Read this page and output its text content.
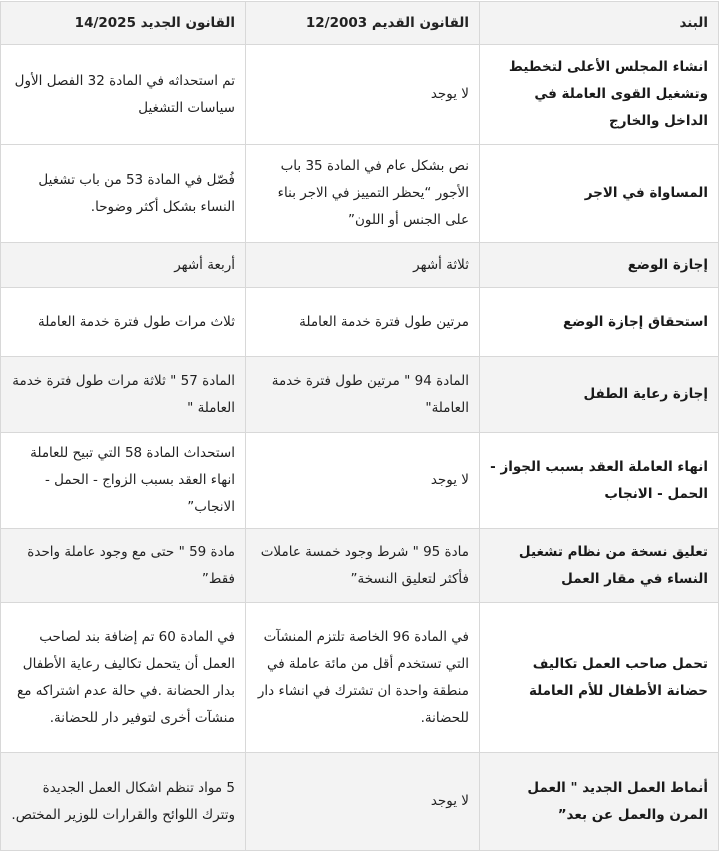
البند	القانون القديم 12/2003	القانون الجديد 14/2025
انشاء المجلس الأعلى لتخطيط وتشغيل القوى العاملة في الداخل والخارج	لا يوجد	تم استحداثه في المادة 32 الفصل الأول سياسات التشغيل
المساواة في الاجر	نص بشكل عام في المادة 35 باب الأجور “يحظر التمييز في الاجر بناء على الجنس أو اللون”	فُصّل في المادة 53 من باب تشغيل النساء بشكل أكثر وضوحا.
إجازة الوضع	ثلاثة أشهر	أربعة أشهر
استحقاق إجازة الوضع	مرتين طول فترة خدمة العاملة	ثلاث مرات طول فترة خدمة العاملة
إجازة رعاية الطفل	المادة 94 " مرتين طول فترة خدمة العاملة"	المادة 57 " ثلاثة مرات طول فترة خدمة العاملة "
انهاء العاملة العقد بسبب الجواز - الحمل - الانجاب	لا يوجد	استحداث المادة 58 التي تبيح للعاملة انهاء العقد بسبب الزواج - الحمل - الانجاب”
تعليق نسخة من نظام تشغيل النساء في مقار العمل	مادة 95 " شرط وجود خمسة عاملات فأكثر لتعليق النسخة”	مادة 59 " حتى مع وجود عاملة واحدة فقط”
تحمل صاحب العمل تكاليف حضانة الأطفال للأم العاملة	في المادة 96 الخاصة تلتزم المنشآت التي تستخدم أقل من مائة عاملة في منطقة واحدة ان تشترك في انشاء دار للحضانة.	في المادة 60 تم إضافة بند لصاحب العمل أن يتحمل تكاليف رعاية الأطفال بدار الحضانة .في حالة عدم اشتراكه مع منشآت أخرى لتوفير دار للحضانة.
أنماط العمل الجديد " العمل المرن والعمل عن بعد”	لا يوجد	5 مواد تنظم اشكال العمل الجديدة وتترك اللوائح والقرارات للوزير المختص.
